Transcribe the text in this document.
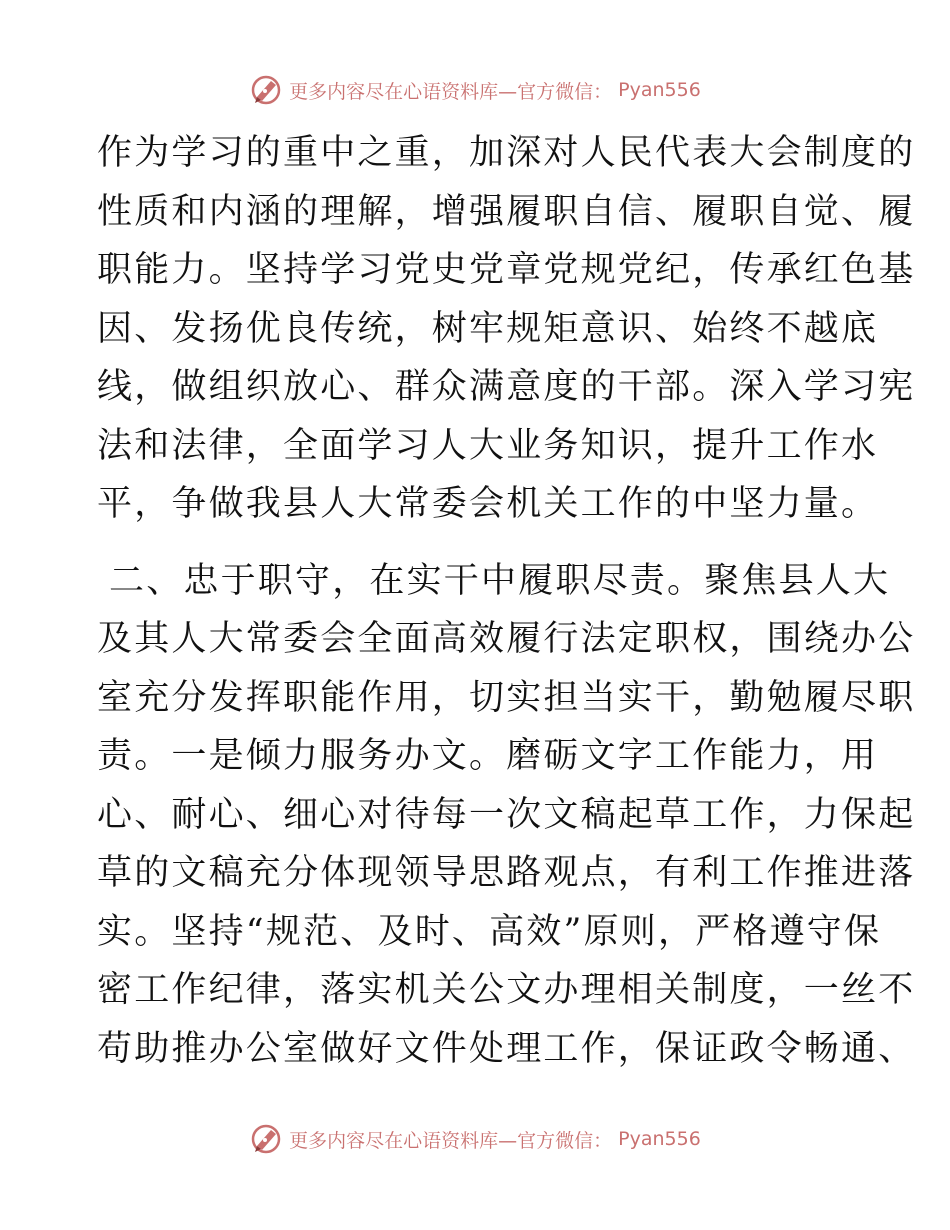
更多内容尽在心语资料库—官方微信： Pyan556
作为学习的重中之重，加深对人民代表大会制度的
性质和内涵的理解，增强履职自信、履职自觉、履
职能力。坚持学习党史党章党规党纪，传承红色基
因、发扬优良传统，树牢规矩意识、始终不越底
线，做组织放心、群众满意度的干部。深入学习宪
法和法律，全面学习人大业务知识，提升工作水
平，争做我县人大常委会机关工作的中坚力量。
二、忠于职守，在实干中履职尽责。聚焦县人大
及其人大常委会全面高效履行法定职权，围绕办公
室充分发挥职能作用，切实担当实干，勤勉履尽职
责。一是倾力服务办文。磨砺文字工作能力，用
心、耐心、细心对待每一次文稿起草工作，力保起
草的文稿充分体现领导思路观点，有利工作推进落
实。坚持“规范、及时、高效”原则，严格遵守保
密工作纪律，落实机关公文办理相关制度，一丝不
苟助推办公室做好文件处理工作，保证政令畅通、
更多内容尽在心语资料库—官方微信： Pyan556
